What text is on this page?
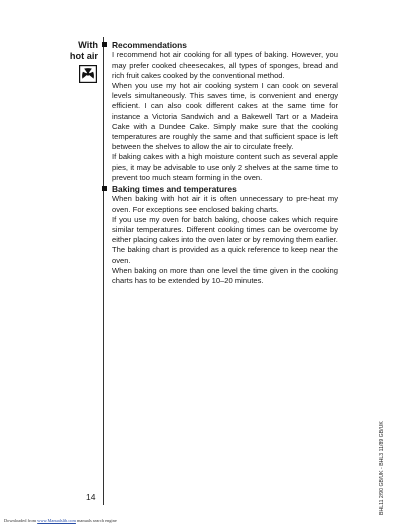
With
hot air
Recommendations

I recommend hot air cooking for all types of baking. However, you may prefer cooked cheesecakes, all types of sponges, bread and rich fruit cakes cooked by the conventional method.

When you use my hot air cooking system I can cook on several levels simultaneously. This saves time, is convenient and energy efficient. I can also cook different cakes at the same time for instance a Victoria Sandwich and a Bakewell Tart or a Madeira Cake with a Dundee Cake. Simply make sure that the cooking temperatures are roughly the same and that sufficient space is left between the shelves to allow the air to circulate freely.

If baking cakes with a high moisture content such as several apple pies, it may be advisable to use only 2 shelves at the same time to prevent too much steam forming in the oven.

Baking times and temperatures

When baking with hot air it is often unnecessary to pre-heat my oven. For exceptions see enclosed baking charts.

If you use my oven for batch baking, choose cakes which require similar temperatures. Different cooking times can be overcome by either placing cakes into the oven later or by removing them earlier.

The baking chart is provided as a quick reference to keep near the oven.

When baking on more than one level the time given in the cooking charts has to be extended by 10–20 minutes.

14	BHL11 2/90 GB/UK - BHL3 11/89 GB/UK
Downloaded from www.Manualslib.com manuals search engine
